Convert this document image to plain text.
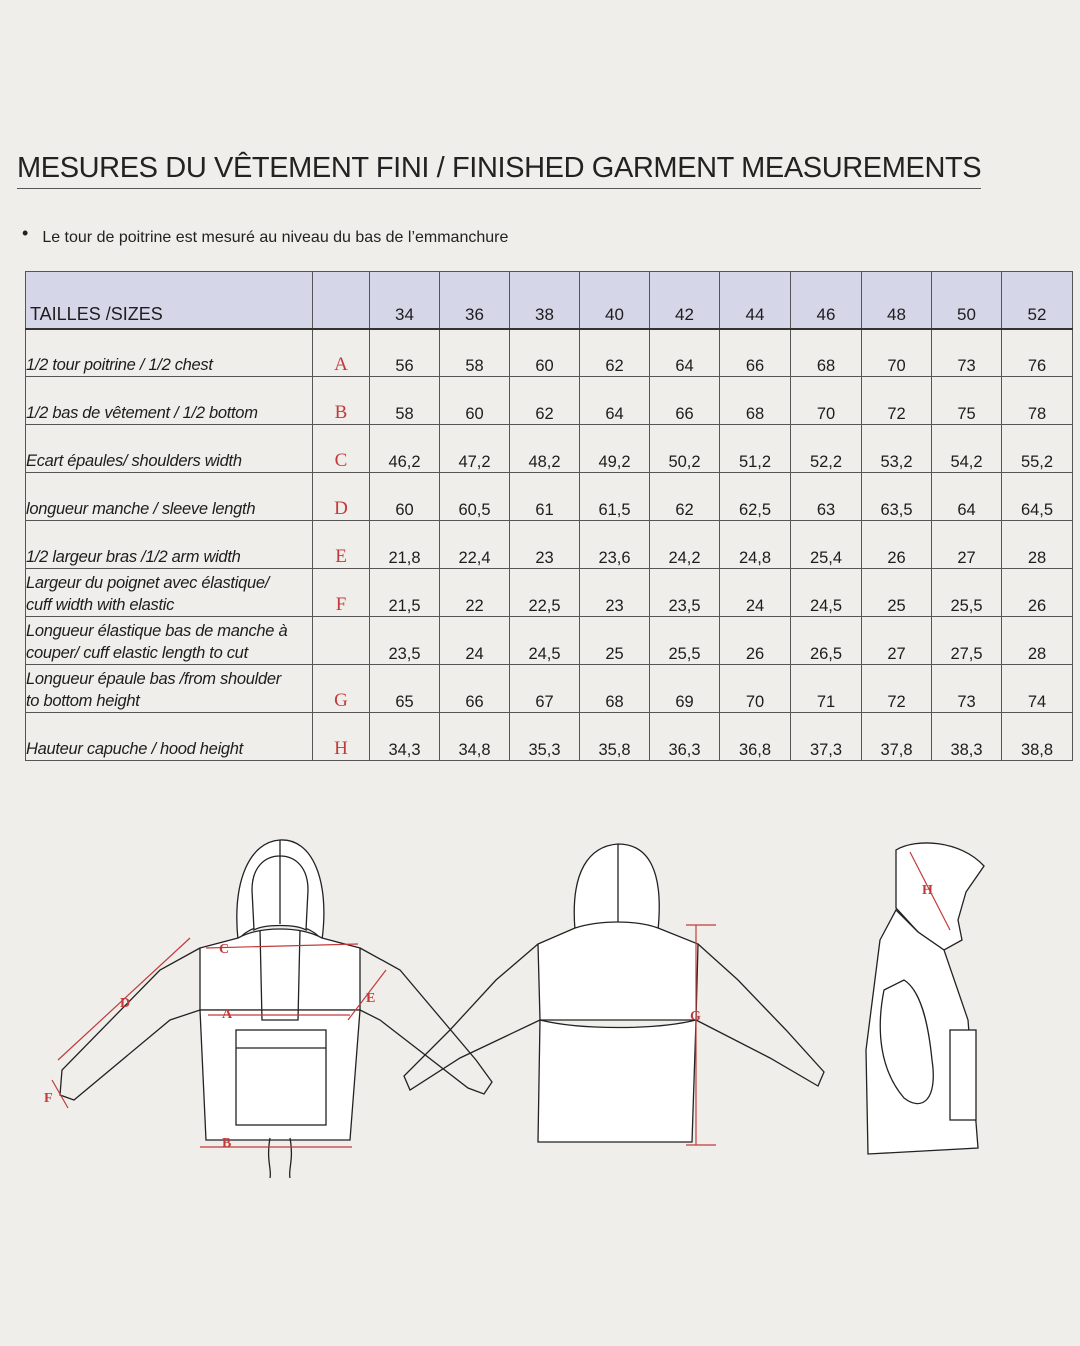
MESURES DU VÊTEMENT FINI / FINISHED GARMENT MEASUREMENTS
• Le tour de poitrine est mesuré au niveau du bas de l’emmanchure
TAILLES /SIZES		34	36	38	40	42	44	46	48	50	52

1/2 tour poitrine / 1/2 chest	A	56	58	60	62	64	66	68	70	73	76

1/2 bas de vêtement / 1/2 bottom	B	58	60	62	64	66	68	70	72	75	78

Ecart épaules/ shoulders width	C	46,2	47,2	48,2	49,2	50,2	51,2	52,2	53,2	54,2	55,2

longueur manche / sleeve length	D	60	60,5	61	61,5	62	62,5	63	63,5	64	64,5

1/2 largeur bras /1/2 arm width	E	21,8	22,4	23	23,6	24,2	24,8	25,4	26	27	28

Largeur du poignet avec élastique/
cuff width with elastic	F	21,5	22	22,5	23	23,5	24	24,5	25	25,5	26

Longueur élastique bas de manche à
couper/ cuff elastic length to cut		23,5	24	24,5	25	25,5	26	26,5	27	27,5	28

Longueur épaule bas /from shoulder
to bottom height	G	65	66	67	68	69	70	71	72	73	74

Hauteur capuche / hood height	H	34,3	34,8	35,3	35,8	36,3	36,8	37,3	37,8	38,3	38,8
C
D
A
E
F
B
G
H
